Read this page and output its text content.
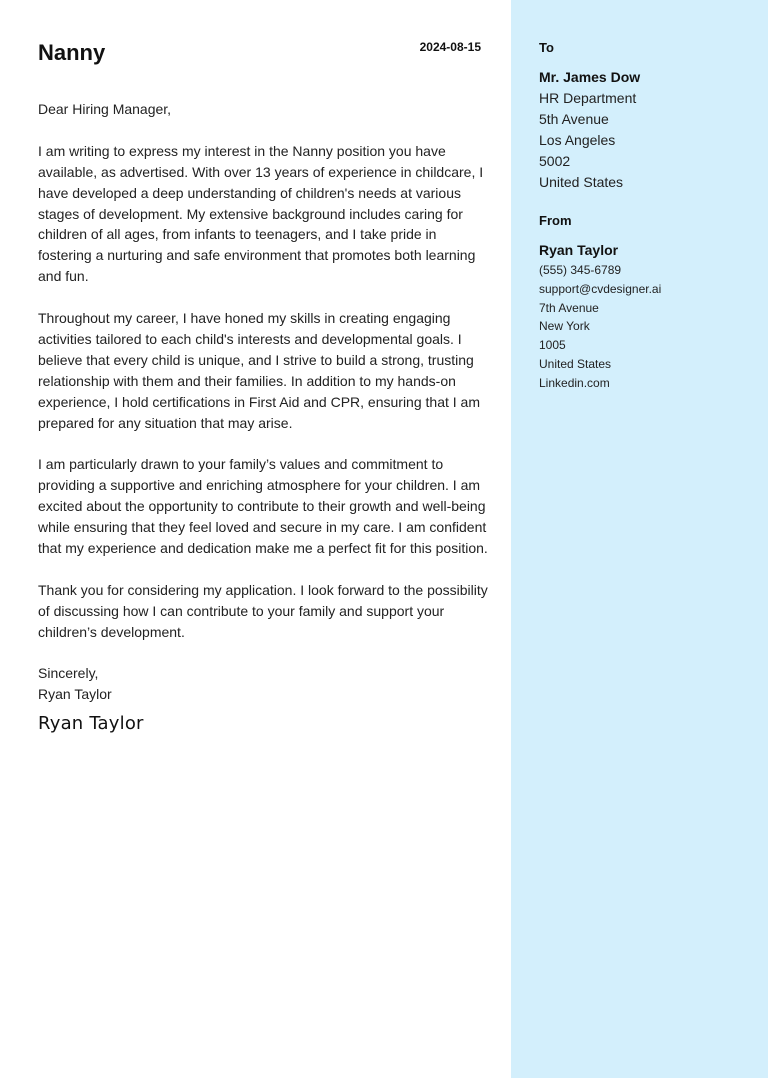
Nanny	2024-08-15

Dear Hiring Manager,

I am writing to express my interest in the Nanny position you have available, as advertised. With over 13 years of experience in childcare, I have developed a deep understanding of children's needs at various stages of development. My extensive background includes caring for children of all ages, from infants to teenagers, and I take pride in fostering a nurturing and safe environment that promotes both learning and fun.

Throughout my career, I have honed my skills in creating engaging activities tailored to each child's interests and developmental goals. I believe that every child is unique, and I strive to build a strong, trusting relationship with them and their families. In addition to my hands-on experience, I hold certifications in First Aid and CPR, ensuring that I am prepared for any situation that may arise.

I am particularly drawn to your family’s values and commitment to providing a supportive and enriching atmosphere for your children. I am excited about the opportunity to contribute to their growth and well-being while ensuring that they feel loved and secure in my care. I am confident that my experience and dedication make me a perfect fit for this position.

Thank you for considering my application. I look forward to the possibility of discussing how I can contribute to your family and support your children’s development.

Sincerely,
Ryan Taylor
Ryan Taylor
To
Mr. James Dow
HR Department
5th Avenue
Los Angeles
5002
United States
From
Ryan Taylor
(555) 345-6789
support@cvdesigner.ai
7th Avenue
New York
1005
United States
Linkedin.com
